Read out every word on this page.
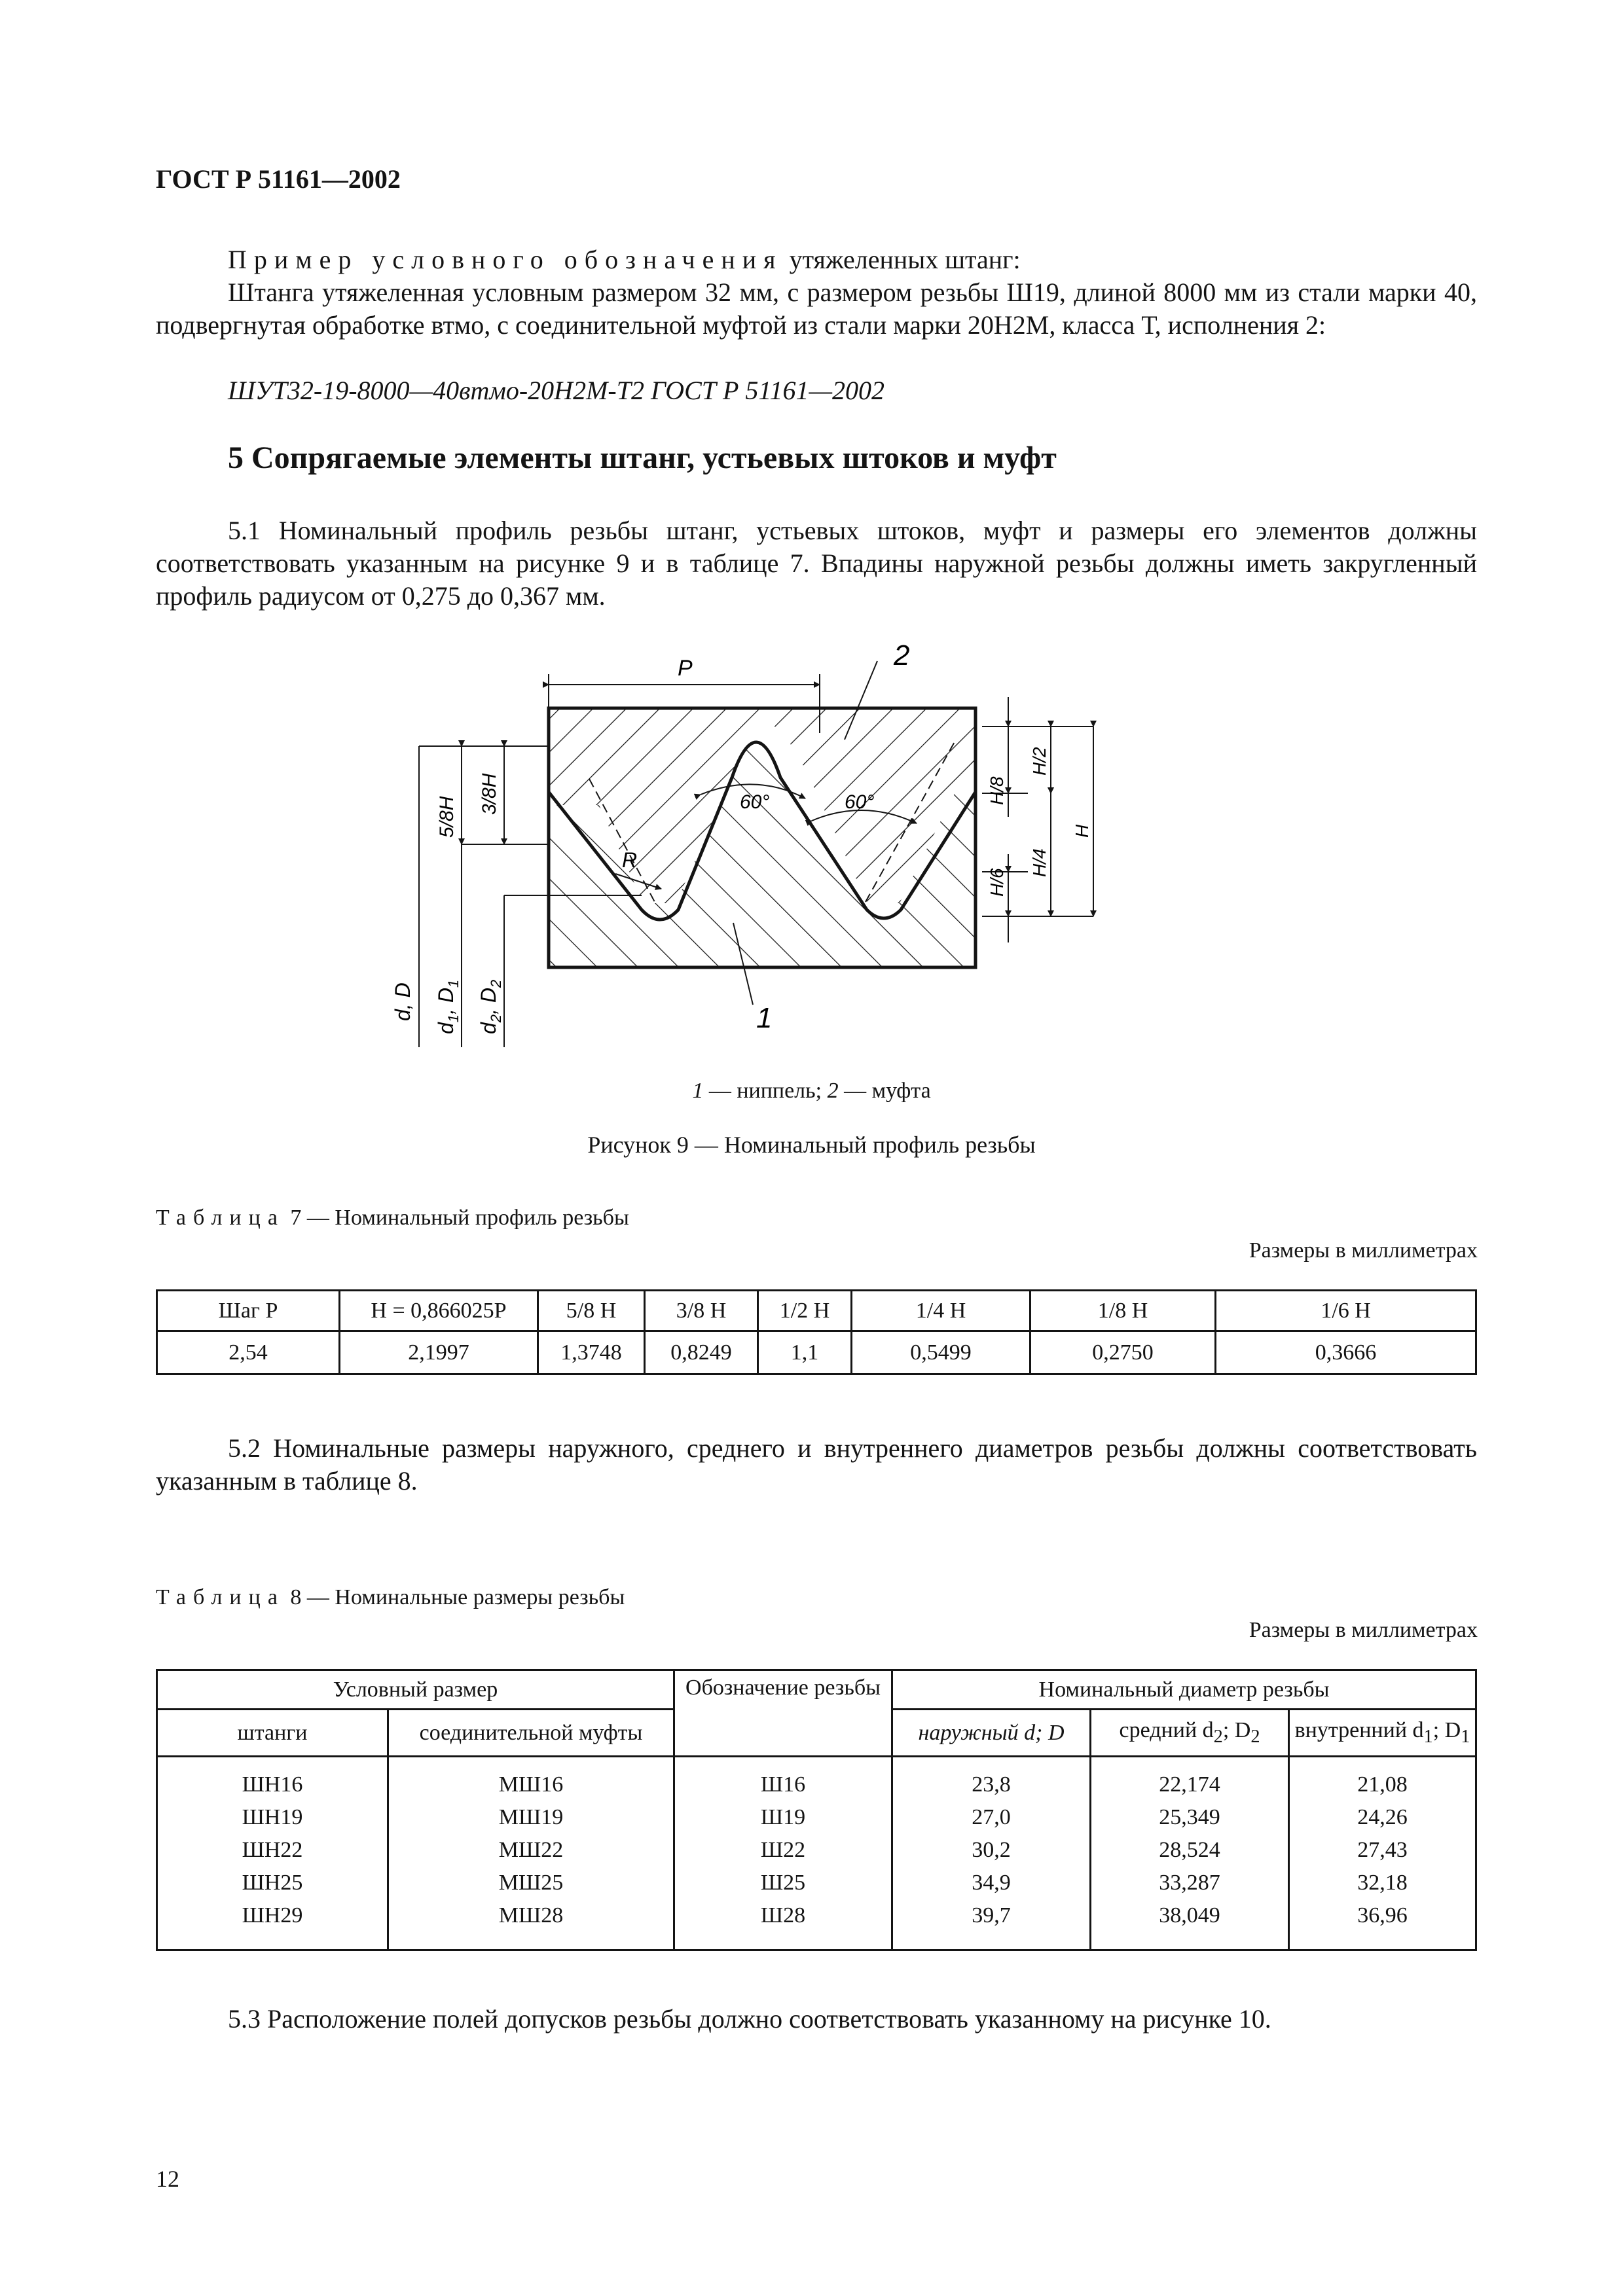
ГОСТ Р 51161—2002
Пример условного обозначения утяжеленных штанг:
Штанга утяжеленная условным размером 32 мм, с размером резьбы Ш19, длиной 8000 мм из стали марки 40, подвергнутая обработке втмо, с соединительной муфтой из стали марки 20Н2М, класса Т, исполнения 2:
ШУТ32-19-8000—40втмо-20Н2М-Т2 ГОСТ Р 51161—2002
5 Сопрягаемые элементы штанг, устьевых штоков и муфт
5.1 Номинальный профиль резьбы штанг, устьевых штоков, муфт и размеры его элементов должны соответствовать указанным на рисунке 9 и в таблице 7. Впадины наружной резьбы должны иметь закругленный профиль радиусом от 0,275 до 0,367 мм.
P	2
1
60°	60°
R
5/8H
3/8H
d, D
$d_1$, $D_1$
$d_2$, $D_2$
H/8
H/2
H/6
H/4
H
1 — ниппель; 2 — муфта
Рисунок 9 — Номинальный профиль резьбы
Таблица 7 — Номинальный профиль резьбы
Размеры в миллиметрах
Шаг P	H = 0,866025P	5/8 H	3/8 H	1/2 H	1/4 H	1/8 H	1/6 H
2,54	2,1997	1,3748	0,8249	1,1	0,5499	0,2750	0,3666
5.2 Номинальные размеры наружного, среднего и внутреннего диаметров резьбы должны соответствовать указанным в таблице 8.
Таблица 8 — Номинальные размеры резьбы
Размеры в миллиметрах
Условный размер		Обозначение резьбы	Номинальный диаметр резьбы		
штанги	соединительной муфты		наружный d; D	средний $d_2$; $D_2$	внутренний $d_1$; $D_1$

ШН16	МШ16	Ш16	23,8	22,174	21,08
ШН19	МШ19	Ш19	27,0	25,349	24,26
ШН22	МШ22	Ш22	30,2	28,524	27,43
ШН25	МШ25	Ш25	34,9	33,287	32,18
ШН29	МШ28	Ш28	39,7	38,049	36,96

5.3 Расположение полей допусков резьбы должно соответствовать указанному на рисунке 10.
12
